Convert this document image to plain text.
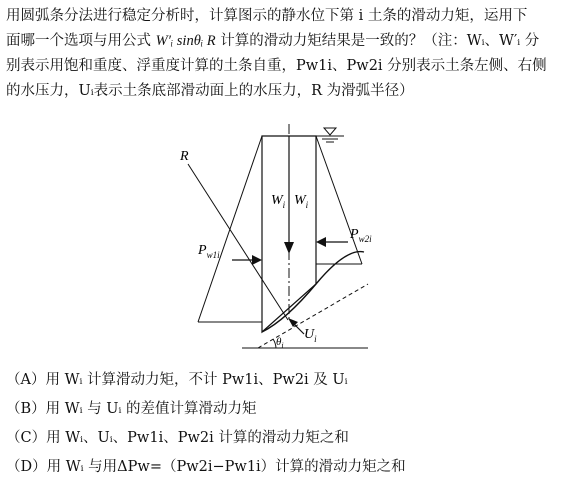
用圆弧条分法进行稳定分析时，计算图示的静水位下第 i 土条的滑动力矩，运用下
面哪一个选项与用公式 W′ᵢ sinθᵢ R 计算的滑动力矩结果是一致的？（注：Wᵢ、W′ᵢ 分
别表示用饱和重度、浮重度计算的土条自重，Pw1i、Pw2i 分别表示土条左侧、右侧
的水压力，Uᵢ表示土条底部滑动面上的水压力，R 为滑弧半径）
R
$W_i$ $W_i$
$P_{w1i}$
$P_{w2i}$
$U_i$
$\theta_i$
（A）用 Wᵢ 计算滑动力矩，不计 Pw1i、Pw2i 及 Uᵢ
（B）用 Wᵢ 与 Uᵢ 的差值计算滑动力矩
（C）用 Wᵢ、Uᵢ、Pw1i、Pw2i 计算的滑动力矩之和
（D）用 Wᵢ 与用ΔPw=（Pw2i−Pw1i）计算的滑动力矩之和
